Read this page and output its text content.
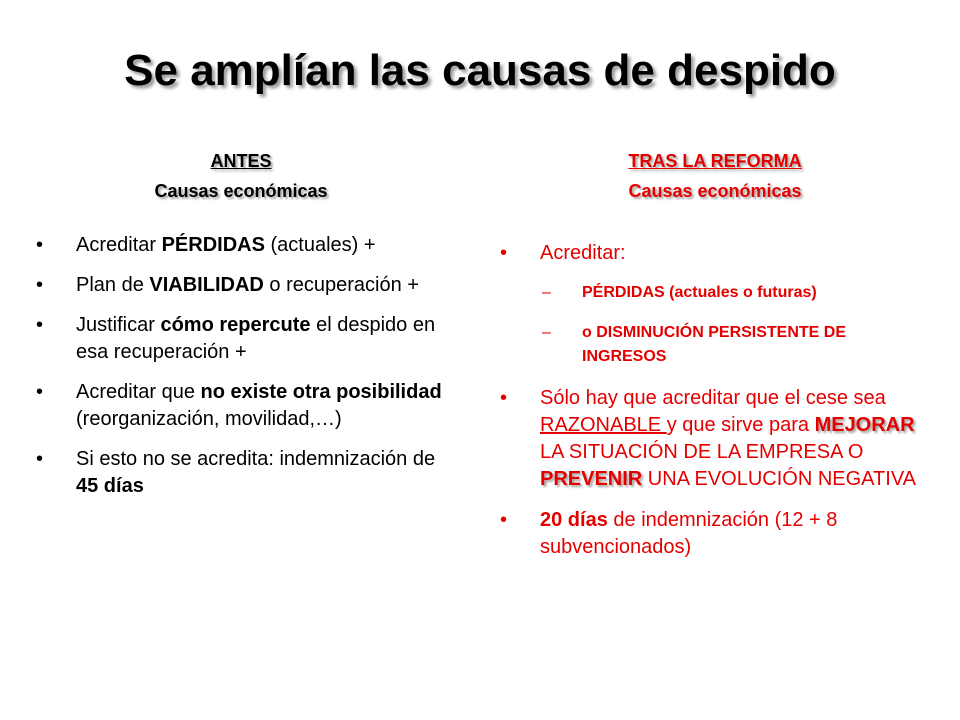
Se amplían las causas de despido
ANTES
Causas económicas
•	Acreditar PÉRDIDAS (actuales) +
•	Plan de VIABILIDAD o recuperación +
•	Justificar cómo repercute el despido en esa recuperación +
•	Acreditar que no existe otra posibilidad (reorganización, movilidad,…)
•	Si esto no se acredita: indemnización de 45 días
TRAS LA REFORMA
Causas económicas
•	Acreditar:
– PÉRDIDAS (actuales o futuras)
– o DISMINUCIÓN PERSISTENTE DE INGRESOS
•	Sólo hay que acreditar que el cese sea RAZONABLE y que sirve para MEJORAR LA SITUACIÓN DE LA EMPRESA O PREVENIR UNA EVOLUCIÓN NEGATIVA
•	20 días de indemnización (12 + 8 subvencionados)
